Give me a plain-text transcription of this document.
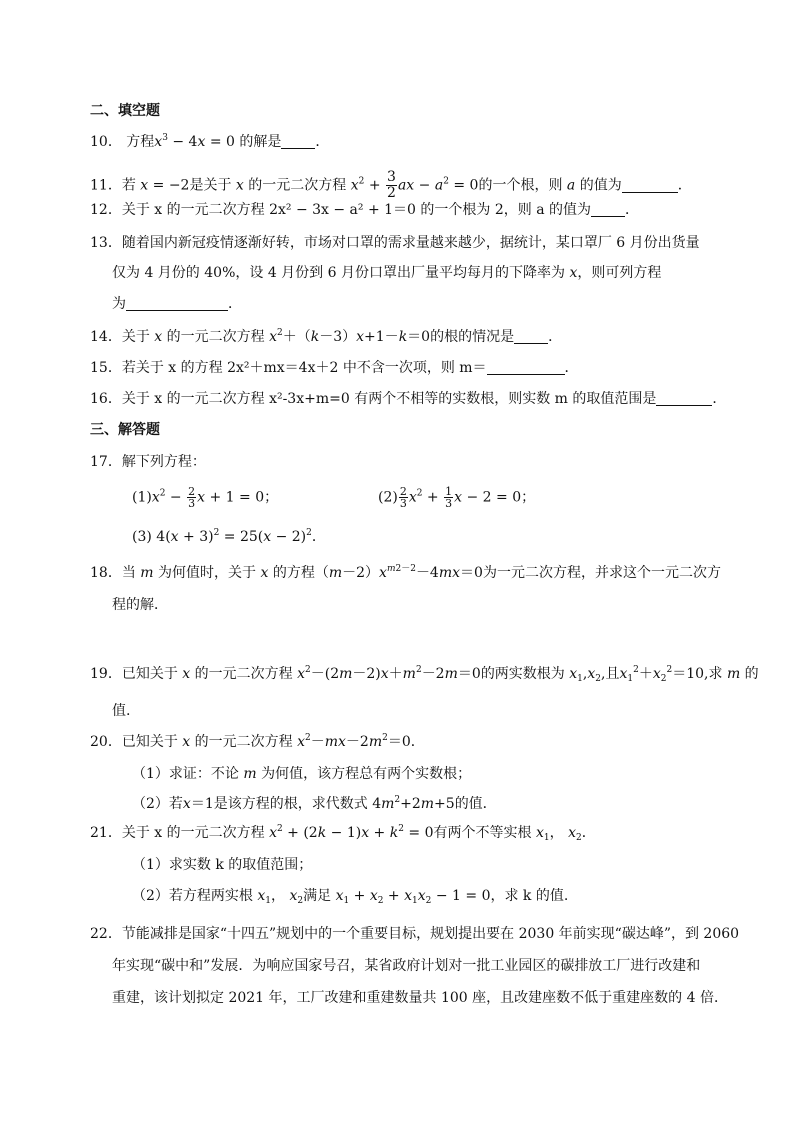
二、填空题
10． 方程$x^3 - 4x = 0$ 的解是 ．
11．若 x = −2是关于 x 的一元二次方程 $x^2 + \frac{3}{2}$ ax − $a^2 = 0$的一个根，则 a 的值为	．
12．关于 x 的一元二次方程 2x² − 3x − a² + 1＝0 的一个根为 2，则 a 的值为 ．
13．随着国内新冠疫情逐渐好转，市场对口罩的需求量越来越少，据统计，某口罩厂 6 月份出货量
仅为 4 月份的 40%，设 4 月份到 6 月份口罩出厂量平均每月的下降率为 x，则可列方程
为	．
14．关于 x 的一元二次方程 $x^2+(k-3)x+1-k=0$的根的情况是 ．
15．若关于 x 的方程 2x²＋mx＝4x＋2 中不含一次项，则 m＝	．
16．关于 x 的一元二次方程 x²-3x+m=0 有两个不相等的实数根，则实数 m 的取值范围是	．
三、解答题
17．解下列方程：
$(1)x^2 - \frac{2}{3}$ x + 1 = 0；	$(2) \frac{2}{3} x^2 + \frac{1}{3}$ x − 2 = 0；
(3) $4(x + 3)^2 = 25(x - 2)^2$．
18．当 m 为何值时，关于 x 的方程$(m-2)x^{m2-2}-4mx=0$为一元二次方程，并求这个一元二次方
程的解．
19．已知关于 x 的一元二次方程 $x^2-(2m-2)x+m^2-2m=0$的两实数根为 $x_1,x_2$,且$x_1^2+x_2^2=10$,求 m 的
值.
20．已知关于 x 的一元二次方程 $x^2-mx-2m^2=0$．
（1）求证：不论 m 为何值，该方程总有两个实数根；
（2）若x＝1是该方程的根，求代数式 $4m^2+2m+5$的值．
21．关于 x 的一元二次方程 $x^2 + (2k - 1)x + k^2 = 0$有两个不等实根 $x_1$， $x_2$．
（1）求实数 k 的取值范围；
（2）若方程两实根 $x_1$， $x_2$满足 $x_1 + x_2 + x_1x_2 - 1 = 0$，求 k 的值.
22．节能减排是国家“十四五”规划中的一个重要目标，规划提出要在 2030 年前实现“碳达峰”，到 2060
年实现“碳中和”发展．为响应国家号召，某省政府计划对一批工业园区的碳排放工厂进行改建和
重建，该计划拟定 2021 年，工厂改建和重建数量共 100 座，且改建座数不低于重建座数的 4 倍．
